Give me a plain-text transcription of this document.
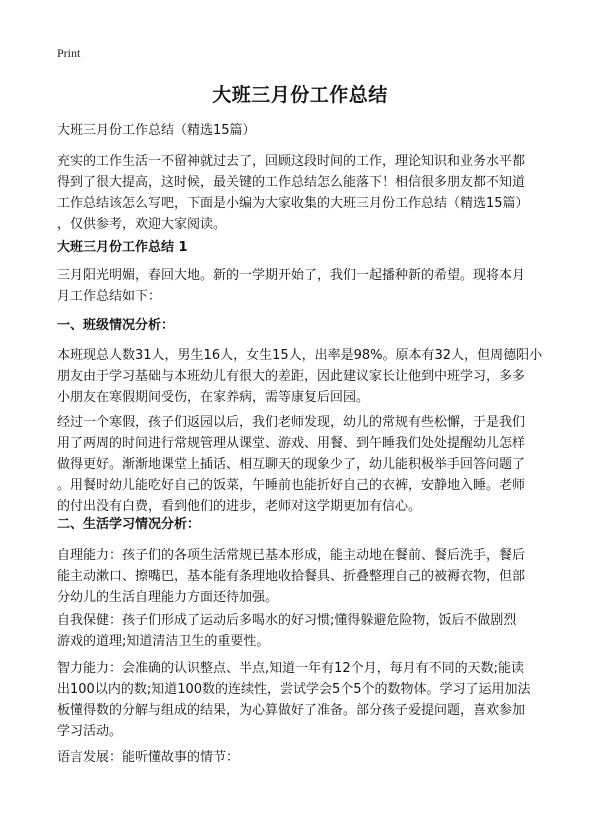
Print
大班三月份工作总结
大班三月份工作总结（精选15篇）
充实的工作生活一不留神就过去了，回顾这段时间的工作，理论知识和业务水平都
得到了很大提高，这时候，最关键的工作总结怎么能落下！相信很多朋友都不知道
工作总结该怎么写吧，下面是小编为大家收集的大班三月份工作总结（精选15篇）
，仅供参考，欢迎大家阅读。
大班三月份工作总结 1
三月阳光明媚，春回大地。新的一学期开始了，我们一起播种新的希望。现将本月
月工作总结如下：
一、班级情况分析：
本班现总人数31人，男生16人，女生15人，出率是98%。原本有32人，但周德阳小
朋友由于学习基础与本班幼儿有很大的差距，因此建议家长让他到中班学习，多多
小朋友在寒假期间受伤，在家养病，需等康复后回园。
经过一个寒假，孩子们返园以后，我们老师发现，幼儿的常规有些松懈，于是我们
用了两周的时间进行常规管理从课堂、游戏、用餐、到午睡我们处处提醒幼儿怎样
做得更好。渐渐地课堂上插话、相互聊天的现象少了，幼儿能积极举手回答问题了
。用餐时幼儿能吃好自己的饭菜，午睡前也能折好自己的衣裤，安静地入睡。老师
的付出没有白费，看到他们的进步，老师对这学期更加有信心。
二、生活学习情况分析：
自理能力：孩子们的各项生活常规已基本形成，能主动地在餐前、餐后洗手，餐后
能主动漱口、擦嘴巴，基本能有条理地收拾餐具、折叠整理自己的被褥衣物，但部
分幼儿的生活自理能力方面还待加强。
自我保健：孩子们形成了运动后多喝水的好习惯;懂得躲避危险物，饭后不做剧烈
游戏的道理;知道清洁卫生的重要性。
智力能力：会准确的认识整点、半点,知道一年有12个月，每月有不同的天数;能读
出100以内的数;知道100数的连续性，尝试学会5个5个的数物体。学习了运用加法
板懂得数的分解与组成的结果，为心算做好了准备。部分孩子爱提问题，喜欢参加
学习活动。
语言发展：能听懂故事的情节：
